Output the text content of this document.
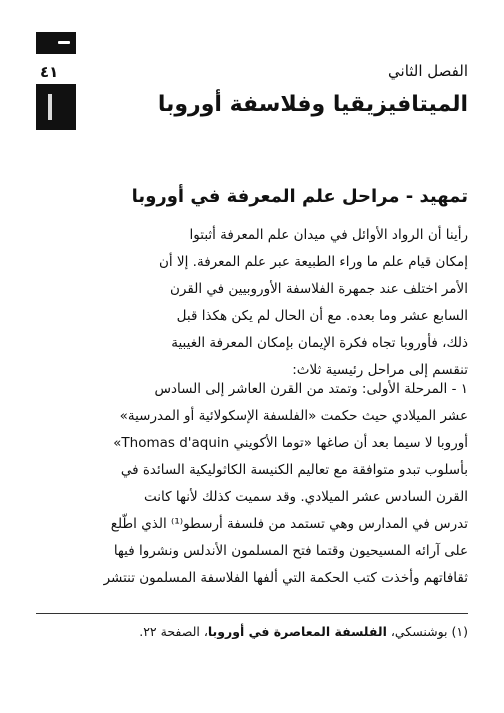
٤١	الفصل الثاني
الميتافيزيقيا وفلاسفة أوروبا
تمهيد - مراحل علم المعرفة في أوروبا
رأينا أن الرواد الأوائل في ميدان علم المعرفة أثبتوا
إمكان قيام علم ما وراء الطبيعة عبر علم المعرفة. إلا أن
الأمر اختلف عند جمهرة الفلاسفة الأوروبيين في القرن
السابع عشر وما بعده. مع أن الحال لم يكن هكذا قبل
ذلك، فأوروبا تجاه فكرة الإيمان بإمكان المعرفة الغيبية
تنقسم إلى مراحل رئيسية ثلاث:
١ - المرحلة الأولى: وتمتد من القرن العاشر إلى السادس
عشر الميلادي حيث حكمت «الفلسفة الإسكولائية أو المدرسية»
أوروبا لا سيما بعد أن صاغها «توما الأكويني Thomas d'aquin»
بأسلوب تبدو متوافقة مع تعاليم الكنيسة الكاثوليكية السائدة في
القرن السادس عشر الميلادي. وقد سميت كذلك لأنها كانت
تدرس في المدارس وهي تستمد من فلسفة أرسطو⁽¹⁾ الذي اطّلع
على آرائه المسيحيون وقتما فتح المسلمون الأندلس ونشروا فيها
ثقافاتهم وأخذت كتب الحكمة التي ألفها الفلاسفة المسلمون تنتشر
(١) بوشنسكي، الفلسفة المعاصرة في أوروبا، الصفحة ٢٢.
